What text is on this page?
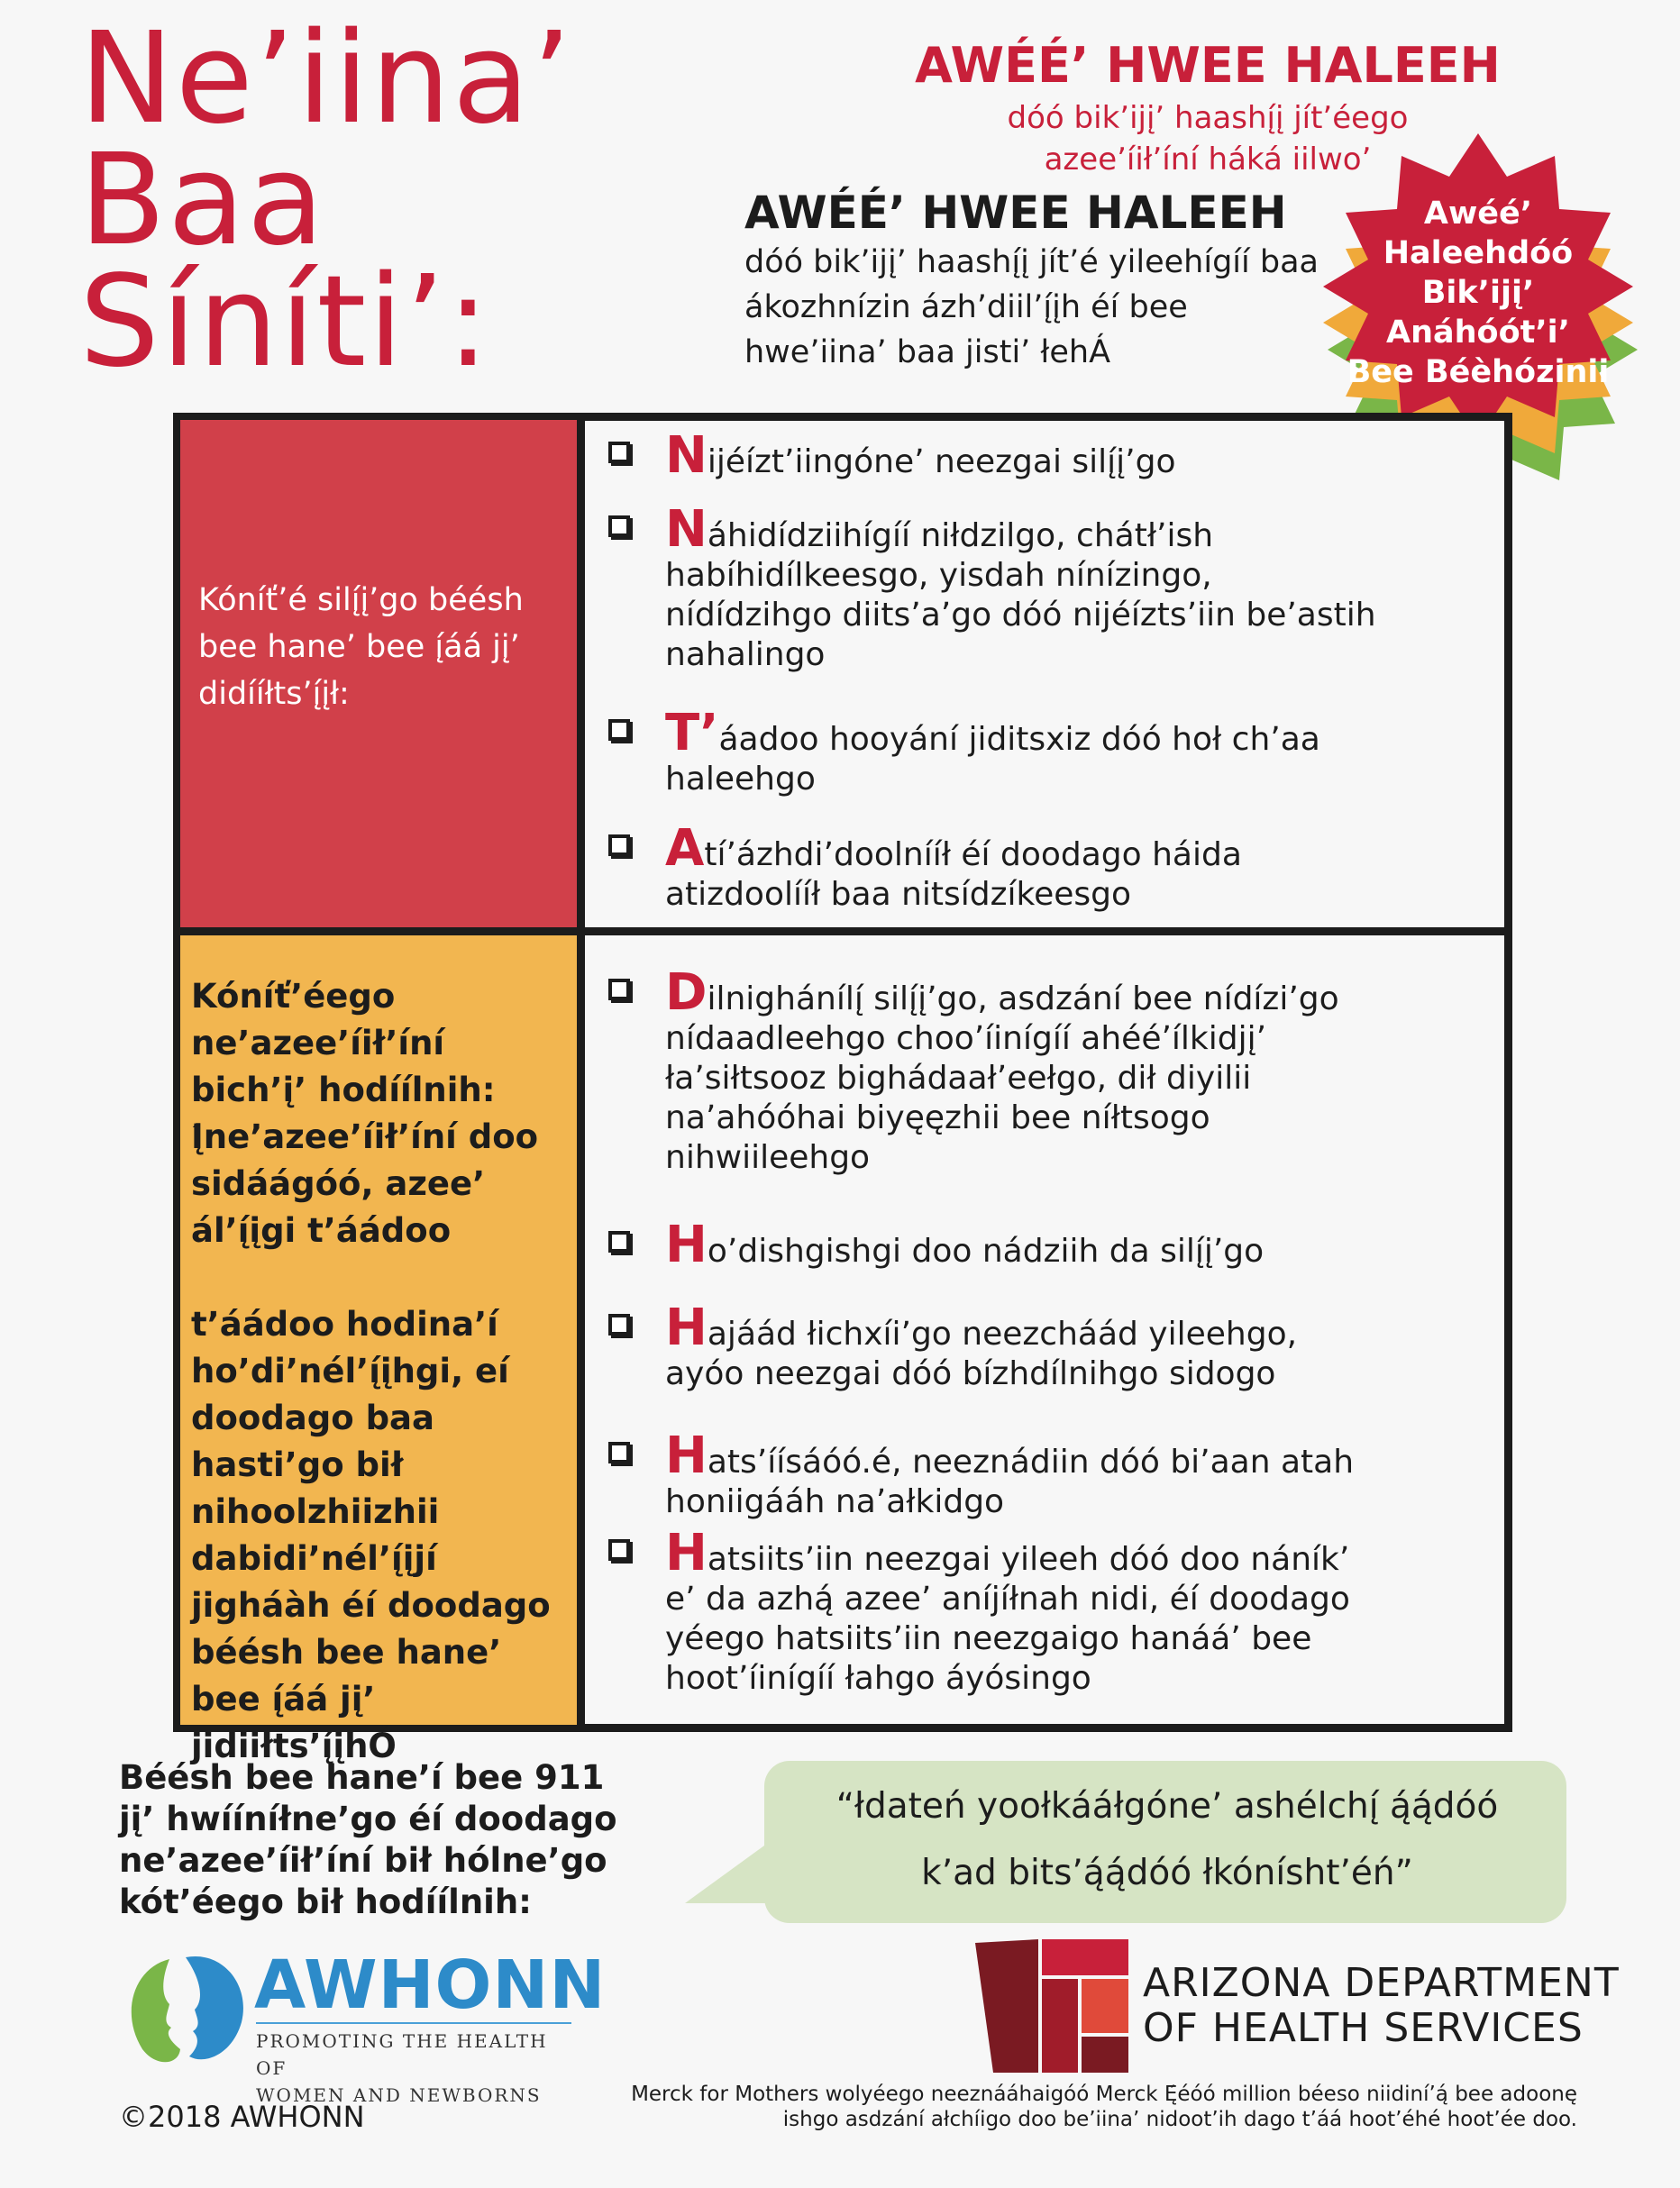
Ne’iina’
Baa
Síníti’:
AWÉÉ’ HWEE HALEEH
dóó bik’ijį’ haashį́į jít’éego
azee’íił’íní háká iilwo’
AWÉÉ’ HWEE HALEEH
dóó bik’ijį’ haashį́į jít’é yileehígíí baa ákozhnízin ázh’diil’į́įh éí bee hwe’iina’ baa jisti’ łehÁ
Awéé’
Haleehdóó
Bik’ijį’
Anáhóót’i’
Bee Béèhózinii
Kóníť’é silį́į’go béésh bee hane’ bee į́áá jį’ didííłts’į́įł:
Kóníť’éego ne’azee’íił’íní bich’į’ hodíílnih: Į́ne’azee’íił’íní doo sidáágóó, azee’ ál’į́įgi t’áádoo

t’áádoo hodina’í ho’di’nél’į́įhgi, eí doodago baa hasti’go bił nihoolzhiizhii dabidi’nél’į́įjí jigháàh éí doodago béésh bee hane’ bee į́áá jį’ jidiiłts’į́įhÓ
Nijéízt’iingóne’ neezgai silį́į’go
Náhidídziihígíí niłdzilgo, chátł’ish habíhidílkeesgo, yisdah nínízingo, nídídzihgo diits’a’go dóó nijéízts’iin be’astih nahalingo
T’áadoo hooyání jiditsxiz dóó hoł ch’aa haleehgo
Atí’ázhdi’doolnííł éí doodago háida atizdoolííł baa nitsídzíkeesgo
Dilnighánílį́ silį́į’go, asdzání bee nídízi’go nídaadleehgo choo’íinígíí ahéé’ílkidjį’ ła’siłtsooz bighádaał’eełgo, dił diyilii na’ahóóhai biyęęzhii bee níłtsogo nihwiileehgo
Ho’dishgishgi doo nádziih da silį́į’go
Hajáád łichxíi’go neezcháád yileehgo, ayóo neezgai dóó bízhdílnihgo sidogo
Hats’íísáóó.é, neeznádiin dóó bi’aan atah honiigááh na’ałkidgo
Hatsiits’iin neezgai yileeh dóó doo náník’ e’ da azhą́ azee’ aníjíłnah nidi, éí doodago yéego hatsiits’iin neezgaigo hanáá’ bee hoot’íinígíí łahgo áyósingo
Béésh bee hane’í bee 911 jį’ hwííníłne’go éí doodago ne’azee’íił’íní bił hólne’go kót’éego bił hodíílnih:
“łdateń yoołkááłgóne’ ashélchį́ ą́ą́dóó
k’ad bits’ą́ą́dóó łkónísht’éń”
AWHONN
PROMOTING THE HEALTH OF
WOMEN AND NEWBORNS
©2018 AWHONN
ARIZONA DEPARTMENT
OF HEALTH SERVICES
Merck for Mothers wolyéego neeznááhaigóó Merck Ę́éóó million béeso niidiní’ą́ bee adoonę
ishgo asdzání ałchíigo doo be’iina’ nidoot’ih dago t’áá hoot’éhé hoot’ée doo.
